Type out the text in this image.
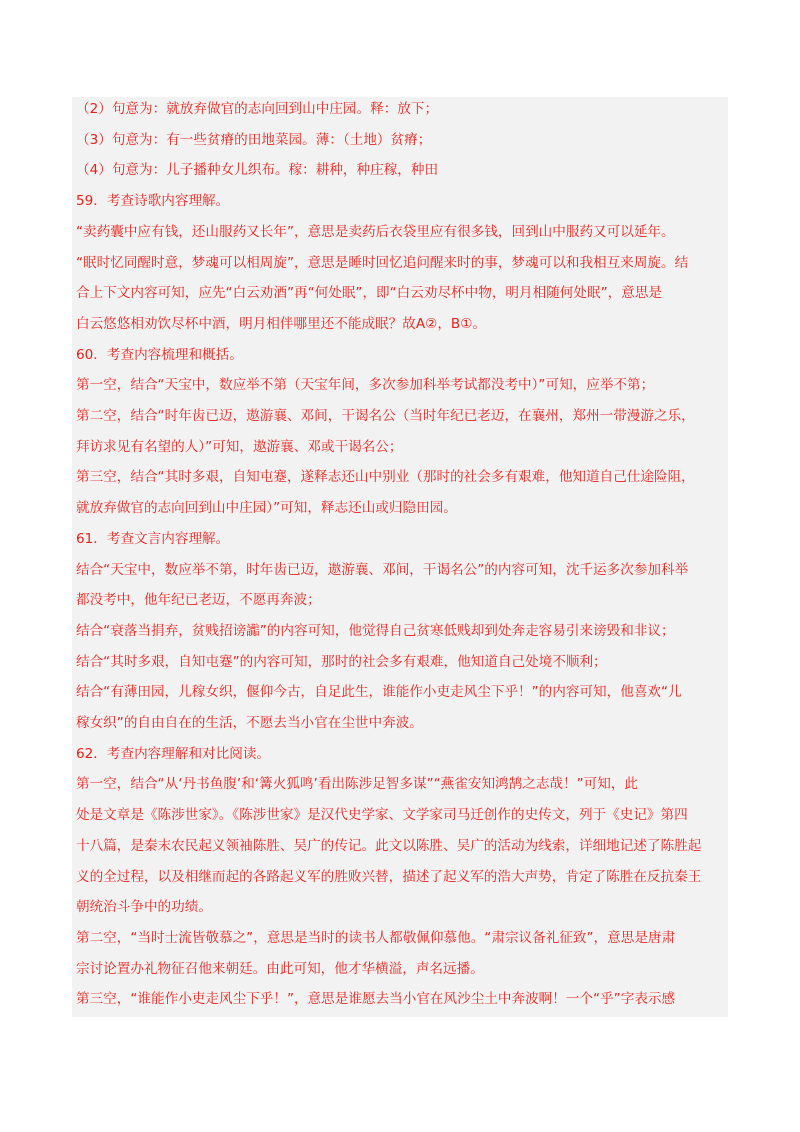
（2）句意为：就放弃做官的志向回到山中庄园。释：放下；
（3）句意为：有一些贫瘠的田地菜园。薄：（土地）贫瘠；
（4）句意为：儿子播种女儿织布。稼：耕种，种庄稼，种田
59．考查诗歌内容理解。
“卖药囊中应有钱，还山服药又长年”，意思是卖药后衣袋里应有很多钱，回到山中服药又可以延年。
“眠时忆同醒时意，梦魂可以相周旋”，意思是睡时回忆追问醒来时的事，梦魂可以和我相互来周旋。结
合上下文内容可知，应先“白云劝酒”再“何处眠”，即“白云劝尽杯中物，明月相随何处眠”，意思是
白云悠悠相劝饮尽杯中酒，明月相伴哪里还不能成眠？故A②，B①。
60．考查内容梳理和概括。
第一空，结合“天宝中，数应举不第（天宝年间，多次参加科举考试都没考中）”可知，应举不第；
第二空，结合“时年齿已迈，遨游襄、邓间，干谒名公（当时年纪已老迈，在襄州，郑州一带漫游之乐，
拜访求见有名望的人）”可知，遨游襄、邓或干谒名公；
第三空，结合“其时多艰，自知屯蹇，遂释志还山中别业（那时的社会多有艰难，他知道自己仕途险阻，
就放弃做官的志向回到山中庄园）”可知，释志还山或归隐田园。
61．考查文言内容理解。
结合“天宝中，数应举不第，时年齿已迈，遨游襄、邓间，干谒名公”的内容可知，沈千运多次参加科举
都没考中，他年纪已老迈，不愿再奔波；
结合“衰落当捐弃，贫贱招谤讟”的内容可知，他觉得自己贫寒低贱却到处奔走容易引来谤毁和非议；
结合“其时多艰，自知屯蹇”的内容可知，那时的社会多有艰难，他知道自己处境不顺利；
结合“有薄田园，儿稼女织，偃仰今古，自足此生，谁能作小吏走风尘下乎！”的内容可知，他喜欢“儿
稼女织”的自由自在的生活，不愿去当小官在尘世中奔波。
62．考查内容理解和对比阅读。
第一空，结合“从‘丹书鱼腹’和‘篝火狐鸣’看出陈涉足智多谋”“燕雀安知鸿鹄之志哉！”可知，此
处是文章是《陈涉世家》。《陈涉世家》是汉代史学家、文学家司马迁创作的史传文，列于《史记》第四
十八篇，是秦末农民起义领袖陈胜、吴广的传记。此文以陈胜、吴广的活动为线索，详细地记述了陈胜起
义的全过程，以及相继而起的各路起义军的胜败兴替，描述了起义军的浩大声势，肯定了陈胜在反抗秦王
朝统治斗争中的功绩。
第二空，“当时士流皆敬慕之”，意思是当时的读书人都敬佩仰慕他。“肃宗议备礼征致”，意思是唐肃
宗讨论置办礼物征召他来朝廷。由此可知，他才华横溢，声名远播。
第三空，“谁能作小吏走风尘下乎！”，意思是谁愿去当小官在风沙尘土中奔波啊！一个“乎”字表示感
